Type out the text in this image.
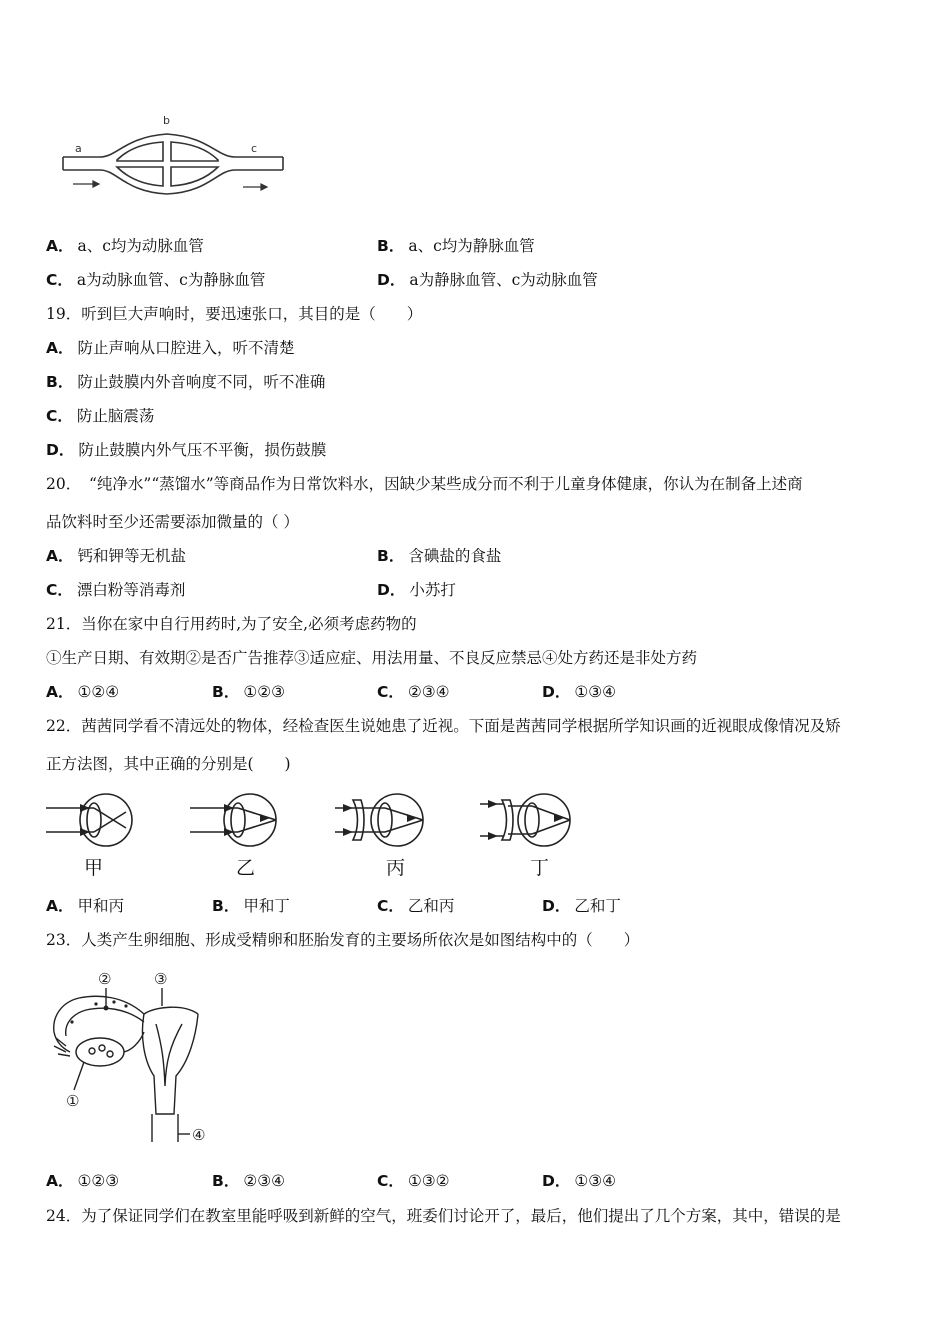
a
b
c
A． a、c均为动脉血管	B． a、c均为静脉血管
C． a为动脉血管、c为静脉血管	D． a为静脉血管、c为动脉血管
19．听到巨大声响时，要迅速张口，其目的是（　　）
A． 防止声响从口腔进入，听不清楚
B． 防止鼓膜内外音响度不同，听不准确
C． 防止脑震荡
D． 防止鼓膜内外气压不平衡，损伤鼓膜
20．　“纯净水”“蒸馏水”等商品作为日常饮料水，因缺少某些成分而不利于儿童身体健康，你认为在制备上述商
品饮料时至少还需要添加微量的（ ）
A． 钙和钾等无机盐	B． 含碘盐的食盐
C． 漂白粉等消毒剂	D． 小苏打
21．当你在家中自行用药时,为了安全,必须考虑药物的
①生产日期、有效期②是否广告推荐③适应症、用法用量、不良反应禁忌④处方药还是非处方药
A． ①②④	B． ①②③	C． ②③④	D． ①③④
22．茜茜同学看不清远处的物体，经检查医生说她患了近视。下面是茜茜同学根据所学知识画的近视眼成像情况及矫
正方法图，其中正确的分别是(　　)
甲	乙	丙	丁
A． 甲和丙	B． 甲和丁	C． 乙和丙	D． 乙和丁
23．人类产生卵细胞、形成受精卵和胚胎发育的主要场所依次是如图结构中的（　　）
②	③
①
④
A． ①②③	B． ②③④	C． ①③②	D． ①③④
24．为了保证同学们在教室里能呼吸到新鲜的空气，班委们讨论开了，最后，他们提出了几个方案，其中，错误的是
